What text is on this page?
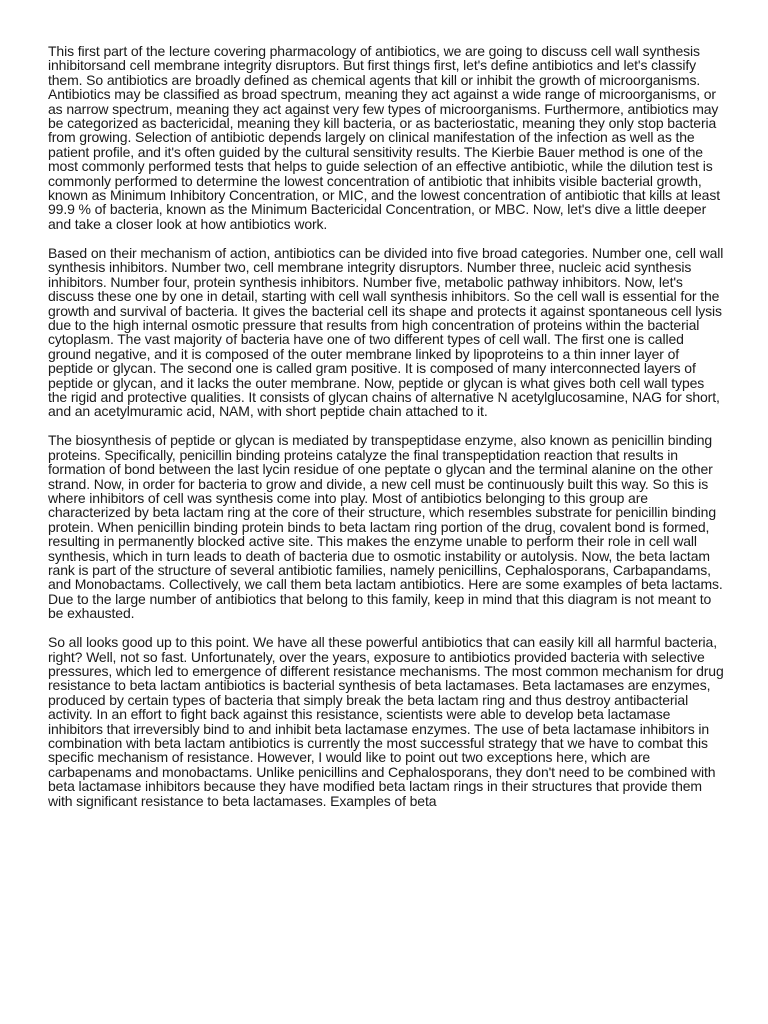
This first part of the lecture covering pharmacology of antibiotics, we are going to discuss cell wall synthesis inhibitorsand cell membrane integrity disruptors. But first things first, let's define antibiotics and let's classify them. So antibiotics are broadly defined as chemical agents that kill or inhibit the growth of microorganisms. Antibiotics may be classified as broad spectrum, meaning they act against a wide range of microorganisms, or as narrow spectrum, meaning they act against very few types of microorganisms. Furthermore, antibiotics may be categorized as bactericidal, meaning they kill bacteria, or as bacteriostatic, meaning they only stop bacteria from growing. Selection of antibiotic depends largely on clinical manifestation of the infection as well as the patient profile, and it's often guided by the cultural sensitivity results. The Kierbie Bauer method is one of the most commonly performed tests that helps to guide selection of an effective antibiotic, while the dilution test is commonly performed to determine the lowest concentration of antibiotic that inhibits visible bacterial growth, known as Minimum Inhibitory Concentration, or MIC, and the lowest concentration of antibiotic that kills at least 99.9 % of bacteria, known as the Minimum Bactericidal Concentration, or MBC. Now, let's dive a little deeper and take a closer look at how antibiotics work.

Based on their mechanism of action, antibiotics can be divided into five broad categories. Number one, cell wall synthesis inhibitors. Number two, cell membrane integrity disruptors. Number three, nucleic acid synthesis inhibitors. Number four, protein synthesis inhibitors. Number five, metabolic pathway inhibitors. Now, let's discuss these one by one in detail, starting with cell wall synthesis inhibitors. So the cell wall is essential for the growth and survival of bacteria. It gives the bacterial cell its shape and protects it against spontaneous cell lysis due to the high internal osmotic pressure that results from high concentration of proteins within the bacterial cytoplasm. The vast majority of bacteria have one of two different types of cell wall. The first one is called ground negative, and it is composed of the outer membrane linked by lipoproteins to a thin inner layer of peptide or glycan. The second one is called gram positive. It is composed of many interconnected layers of peptide or glycan, and it lacks the outer membrane. Now, peptide or glycan is what gives both cell wall types the rigid and protective qualities. It consists of glycan chains of alternative N acetylglucosamine, NAG for short, and an acetylmuramic acid, NAM, with short peptide chain attached to it.

The biosynthesis of peptide or glycan is mediated by transpeptidase enzyme, also known as penicillin binding proteins. Specifically, penicillin binding proteins catalyze the final transpeptidation reaction that results in formation of bond between the last lycin residue of one peptate o glycan and the terminal alanine on the other strand. Now, in order for bacteria to grow and divide, a new cell must be continuously built this way. So this is where inhibitors of cell was synthesis come into play. Most of antibiotics belonging to this group are characterized by beta lactam ring at the core of their structure, which resembles substrate for penicillin binding protein. When penicillin binding protein binds to beta lactam ring portion of the drug, covalent bond is formed, resulting in permanently blocked active site. This makes the enzyme unable to perform their role in cell wall synthesis, which in turn leads to death of bacteria due to osmotic instability or autolysis. Now, the beta lactam rank is part of the structure of several antibiotic families, namely penicillins, Cephalosporans, Carbapandams, and Monobactams. Collectively, we call them beta lactam antibiotics. Here are some examples of beta lactams. Due to the large number of antibiotics that belong to this family, keep in mind that this diagram is not meant to be exhausted.

So all looks good up to this point. We have all these powerful antibiotics that can easily kill all harmful bacteria, right? Well, not so fast. Unfortunately, over the years, exposure to antibiotics provided bacteria with selective pressures, which led to emergence of different resistance mechanisms. The most common mechanism for drug resistance to beta lactam antibiotics is bacterial synthesis of beta lactamases. Beta lactamases are enzymes, produced by certain types of bacteria that simply break the beta lactam ring and thus destroy antibacterial activity. In an effort to fight back against this resistance, scientists were able to develop beta lactamase inhibitors that irreversibly bind to and inhibit beta lactamase enzymes. The use of beta lactamase inhibitors in combination with beta lactam antibiotics is currently the most successful strategy that we have to combat this specific mechanism of resistance. However, I would like to point out two exceptions here, which are carbapenams and monobactams. Unlike penicillins and Cephalosporans, they don't need to be combined with beta lactamase inhibitors because they have modified beta lactam rings in their structures that provide them with significant resistance to beta lactamases. Examples of beta
